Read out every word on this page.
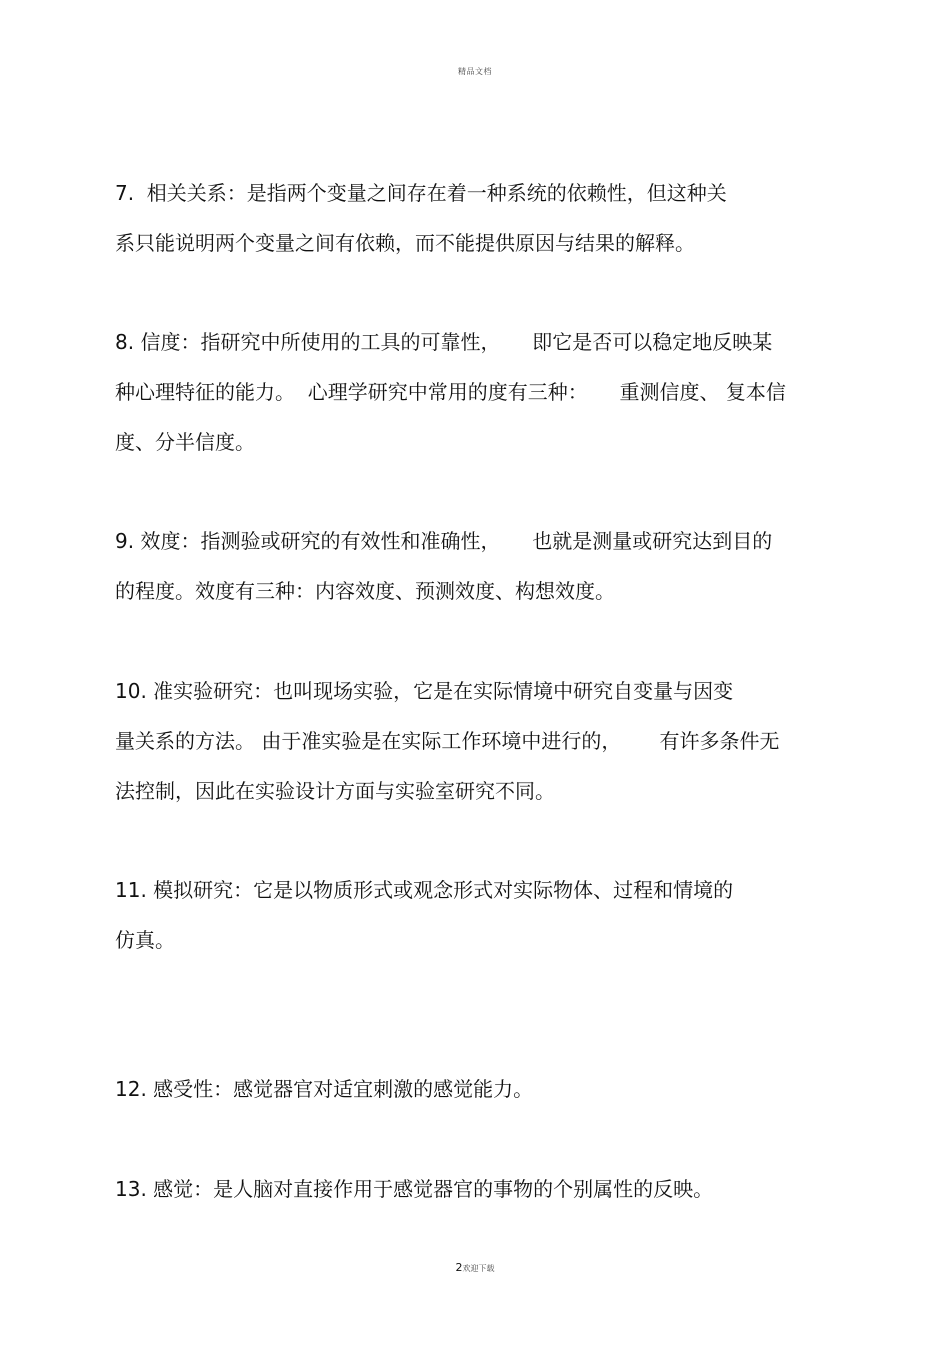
精品文档
7.  相关关系：是指两个变量之间存在着一种系统的依赖性，但这种关
系只能说明两个变量之间有依赖，而不能提供原因与结果的解释。
8. 信度：指研究中所使用的工具的可靠性，     即它是否可以稳定地反映某
种心理特征的能力。  心理学研究中常用的度有三种：     重测信度、 复本信
度、分半信度。
9. 效度：指测验或研究的有效性和准确性，     也就是测量或研究达到目的
的程度。效度有三种：内容效度、预测效度、构想效度。
10. 准实验研究：也叫现场实验，它是在实际情境中研究自变量与因变
量关系的方法。 由于准实验是在实际工作环境中进行的，      有许多条件无
法控制，因此在实验设计方面与实验室研究不同。
11. 模拟研究：它是以物质形式或观念形式对实际物体、过程和情境的
仿真。
12. 感受性：感觉器官对适宜刺激的感觉能力。
13. 感觉：是人脑对直接作用于感觉器官的事物的个别属性的反映。
2欢迎下载
